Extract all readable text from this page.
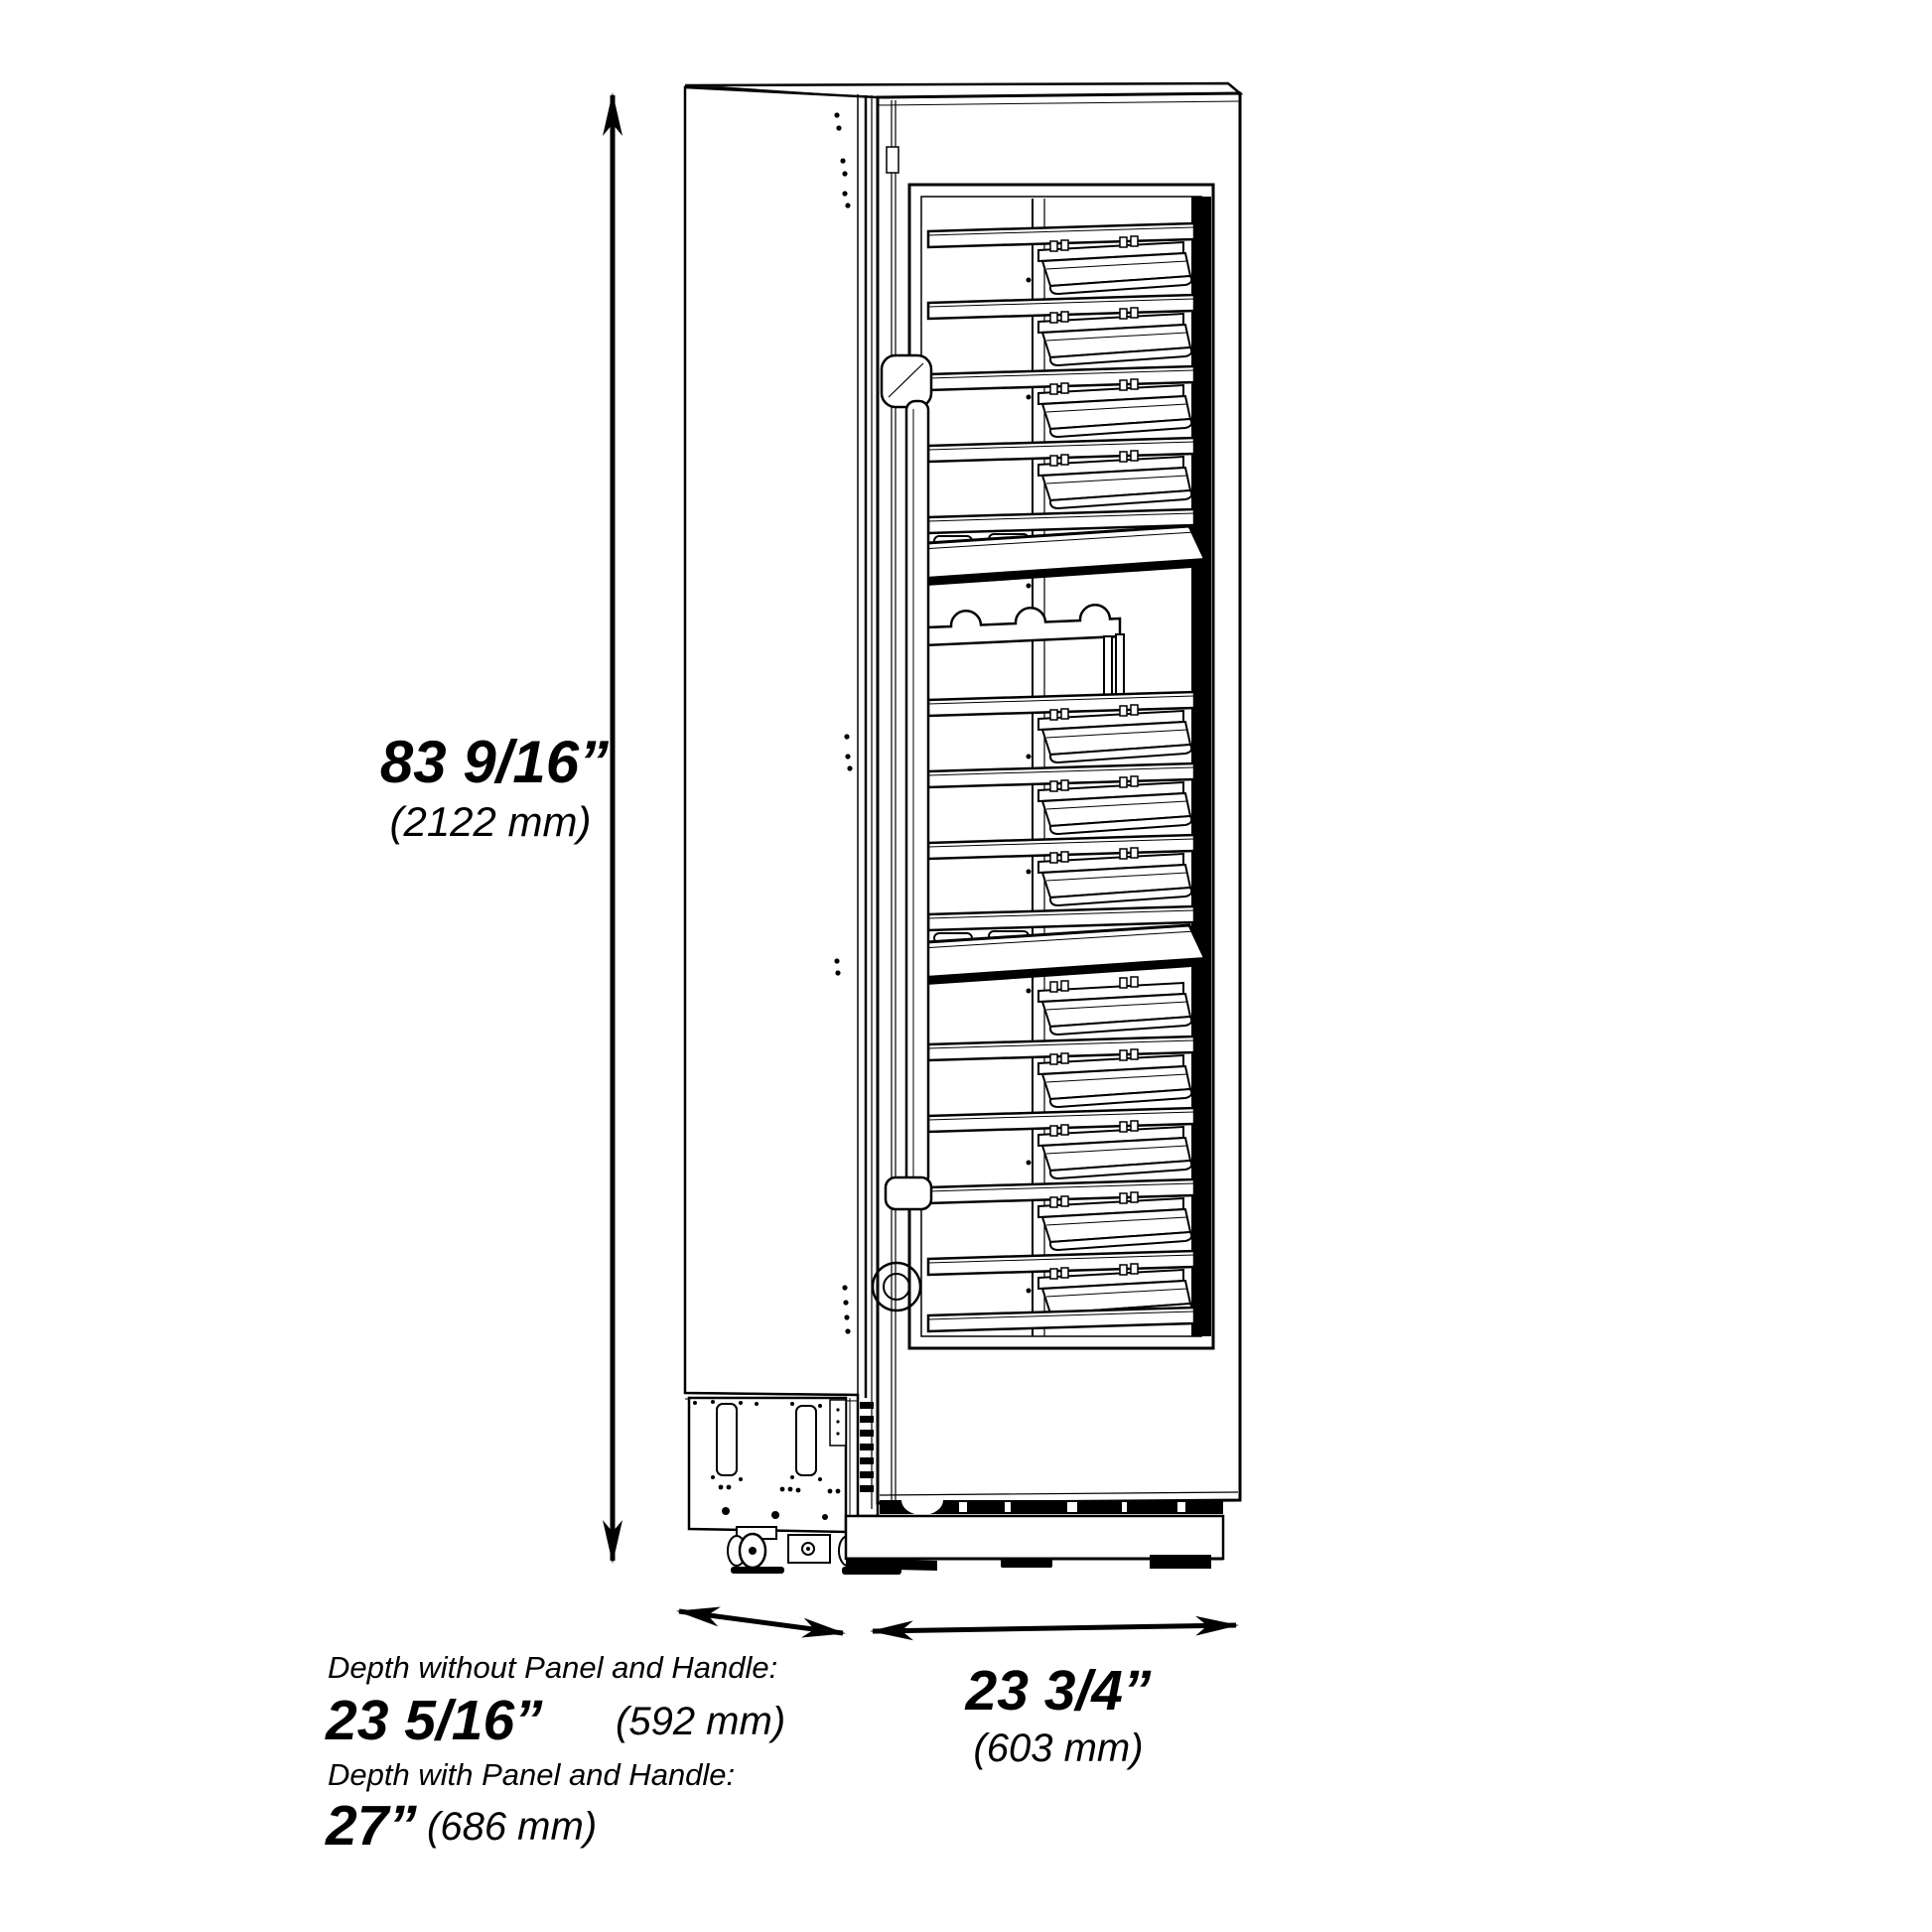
83 9/16”
(2122 mm)
Depth without Panel and Handle:
23 5/16” (592 mm)
Depth with Panel and Handle:
27” (686 mm)
23 3/4”
(603 mm)
